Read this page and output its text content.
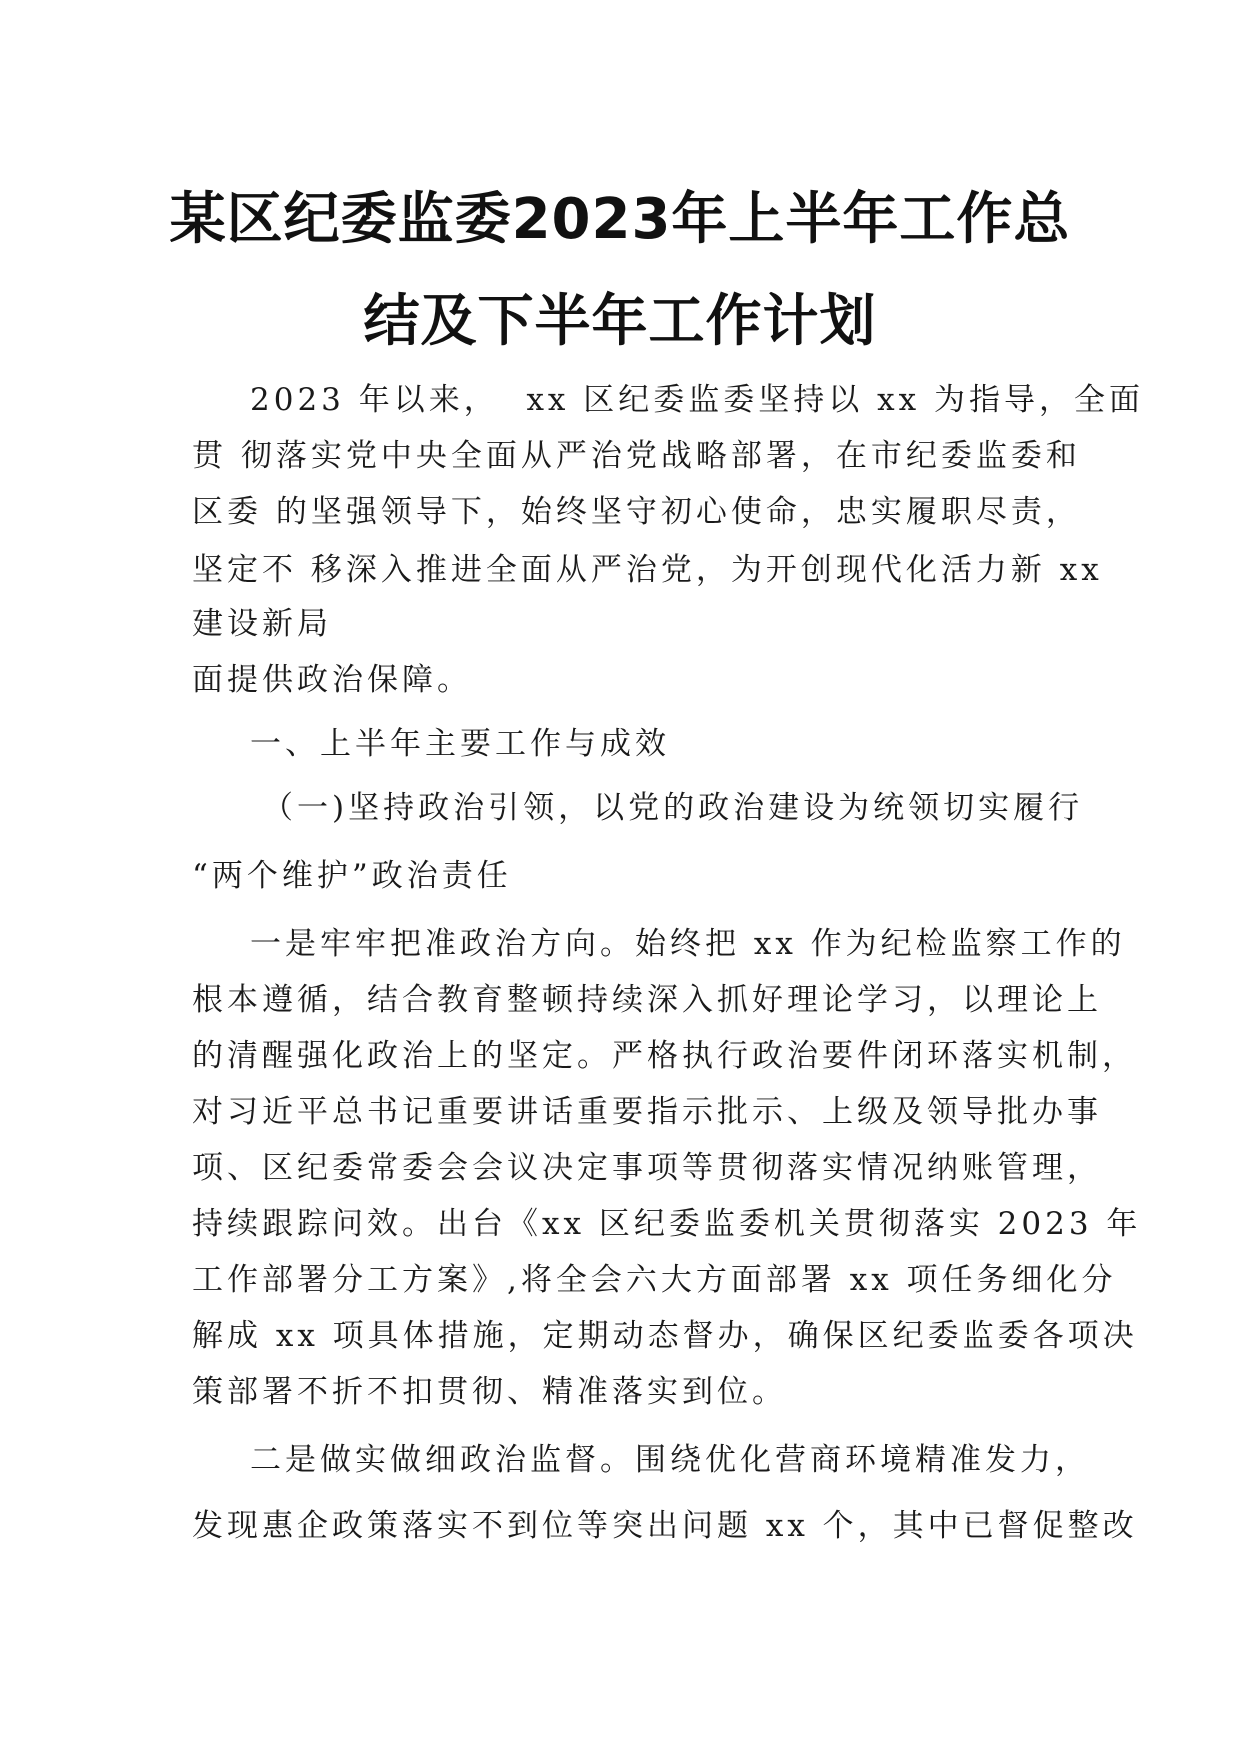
某区纪委监委2023年上半年工作总
结及下半年工作计划
2023 年以来，  xx 区纪委监委坚持以 xx 为指导，全面
贯 彻落实党中央全面从严治党战略部署，在市纪委监委和
区委 的坚强领导下，始终坚守初心使命，忠实履职尽责，
坚定不 移深入推进全面从严治党，为开创现代化活力新 xx
建设新局
面提供政治保障。
一、上半年主要工作与成效
（一)坚持政治引领，以党的政治建设为统领切实履行
“两个维护”政治责任
一是牢牢把准政治方向。始终把 xx 作为纪检监察工作的
根本遵循，结合教育整顿持续深入抓好理论学习，以理论上
的清醒强化政治上的坚定。严格执行政治要件闭环落实机制，
对习近平总书记重要讲话重要指示批示、上级及领导批办事
项、区纪委常委会会议决定事项等贯彻落实情况纳账管理，
持续跟踪问效。出台《xx 区纪委监委机关贯彻落实 2023 年
工作部署分工方案》,将全会六大方面部署 xx 项任务细化分
解成 xx 项具体措施，定期动态督办，确保区纪委监委各项决
策部署不折不扣贯彻、精准落实到位。
二是做实做细政治监督。围绕优化营商环境精准发力，
发现惠企政策落实不到位等突出问题 xx 个，其中已督促整改
